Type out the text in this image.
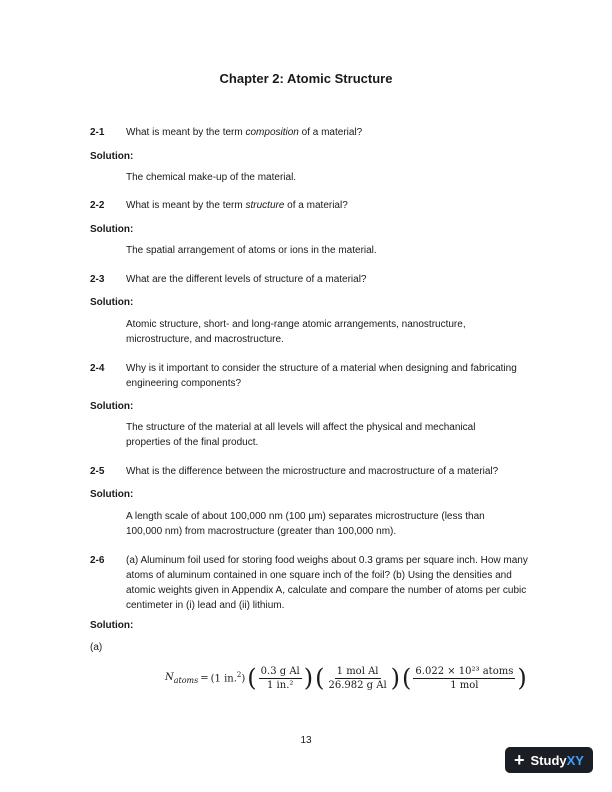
Chapter 2: Atomic Structure
2-1 What is meant by the term composition of a material?
Solution:
The chemical make-up of the material.
2-2 What is meant by the term structure of a material?
Solution:
The spatial arrangement of atoms or ions in the material.
2-3 What are the different levels of structure of a material?
Solution:
Atomic structure, short- and long-range atomic arrangements, nanostructure, microstructure, and macrostructure.
2-4 Why is it important to consider the structure of a material when designing and fabricating engineering components?
Solution:
The structure of the material at all levels will affect the physical and mechanical properties of the final product.
2-5 What is the difference between the microstructure and macrostructure of a material?
Solution:
A length scale of about 100,000 nm (100 μm) separates microstructure (less than 100,000 nm) from macrostructure (greater than 100,000 nm).
2-6 (a) Aluminum foil used for storing food weighs about 0.3 grams per square inch. How many atoms of aluminum contained in one square inch of the foil? (b) Using the densities and atomic weights given in Appendix A, calculate and compare the number of atoms per cubic centimeter in (i) lead and (ii) lithium.
Solution:
(a)
$N_{atoms} = (1$ in.$^2$) ( $\frac{\text{0.3 g Al}}{\text{1 in.²}}$ ) ( $\frac{\text{1 mol Al}}{\text{26.982 g Al}}$ ) ( $\frac{\text{6.022 × 10²³ atoms}}{\text{1 mol}}$ )
13
+ StudyXY
